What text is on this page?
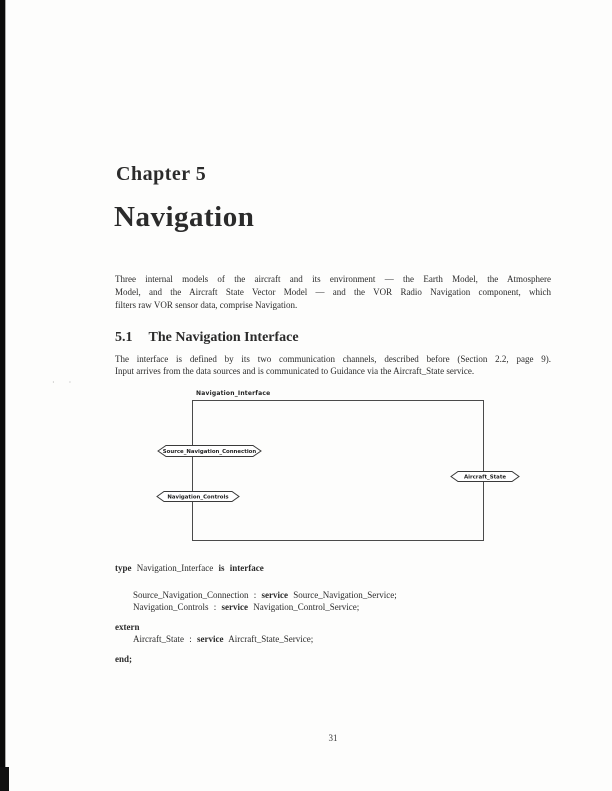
Chapter 5
Navigation
Three internal models of the aircraft and its environment — the Earth Model, the Atmosphere
Model, and the Aircraft State Vector Model — and the VOR Radio Navigation component, which
filters raw VOR sensor data, comprise Navigation.
5.1 The Navigation Interface
The interface is defined by its two communication channels, described before (Section 2.2, page 9).
Input arrives from the data sources and is communicated to Guidance via the Aircraft_State service.
· ·
Navigation_Interface
Source_Navigation_Connection
Aircraft_State
Navigation_Controls
type Navigation_Interface is interface
Source_Navigation_Connection : service Source_Navigation_Service;
Navigation_Controls : service Navigation_Control_Service;
extern
Aircraft_State : service Aircraft_State_Service;
end;
31
